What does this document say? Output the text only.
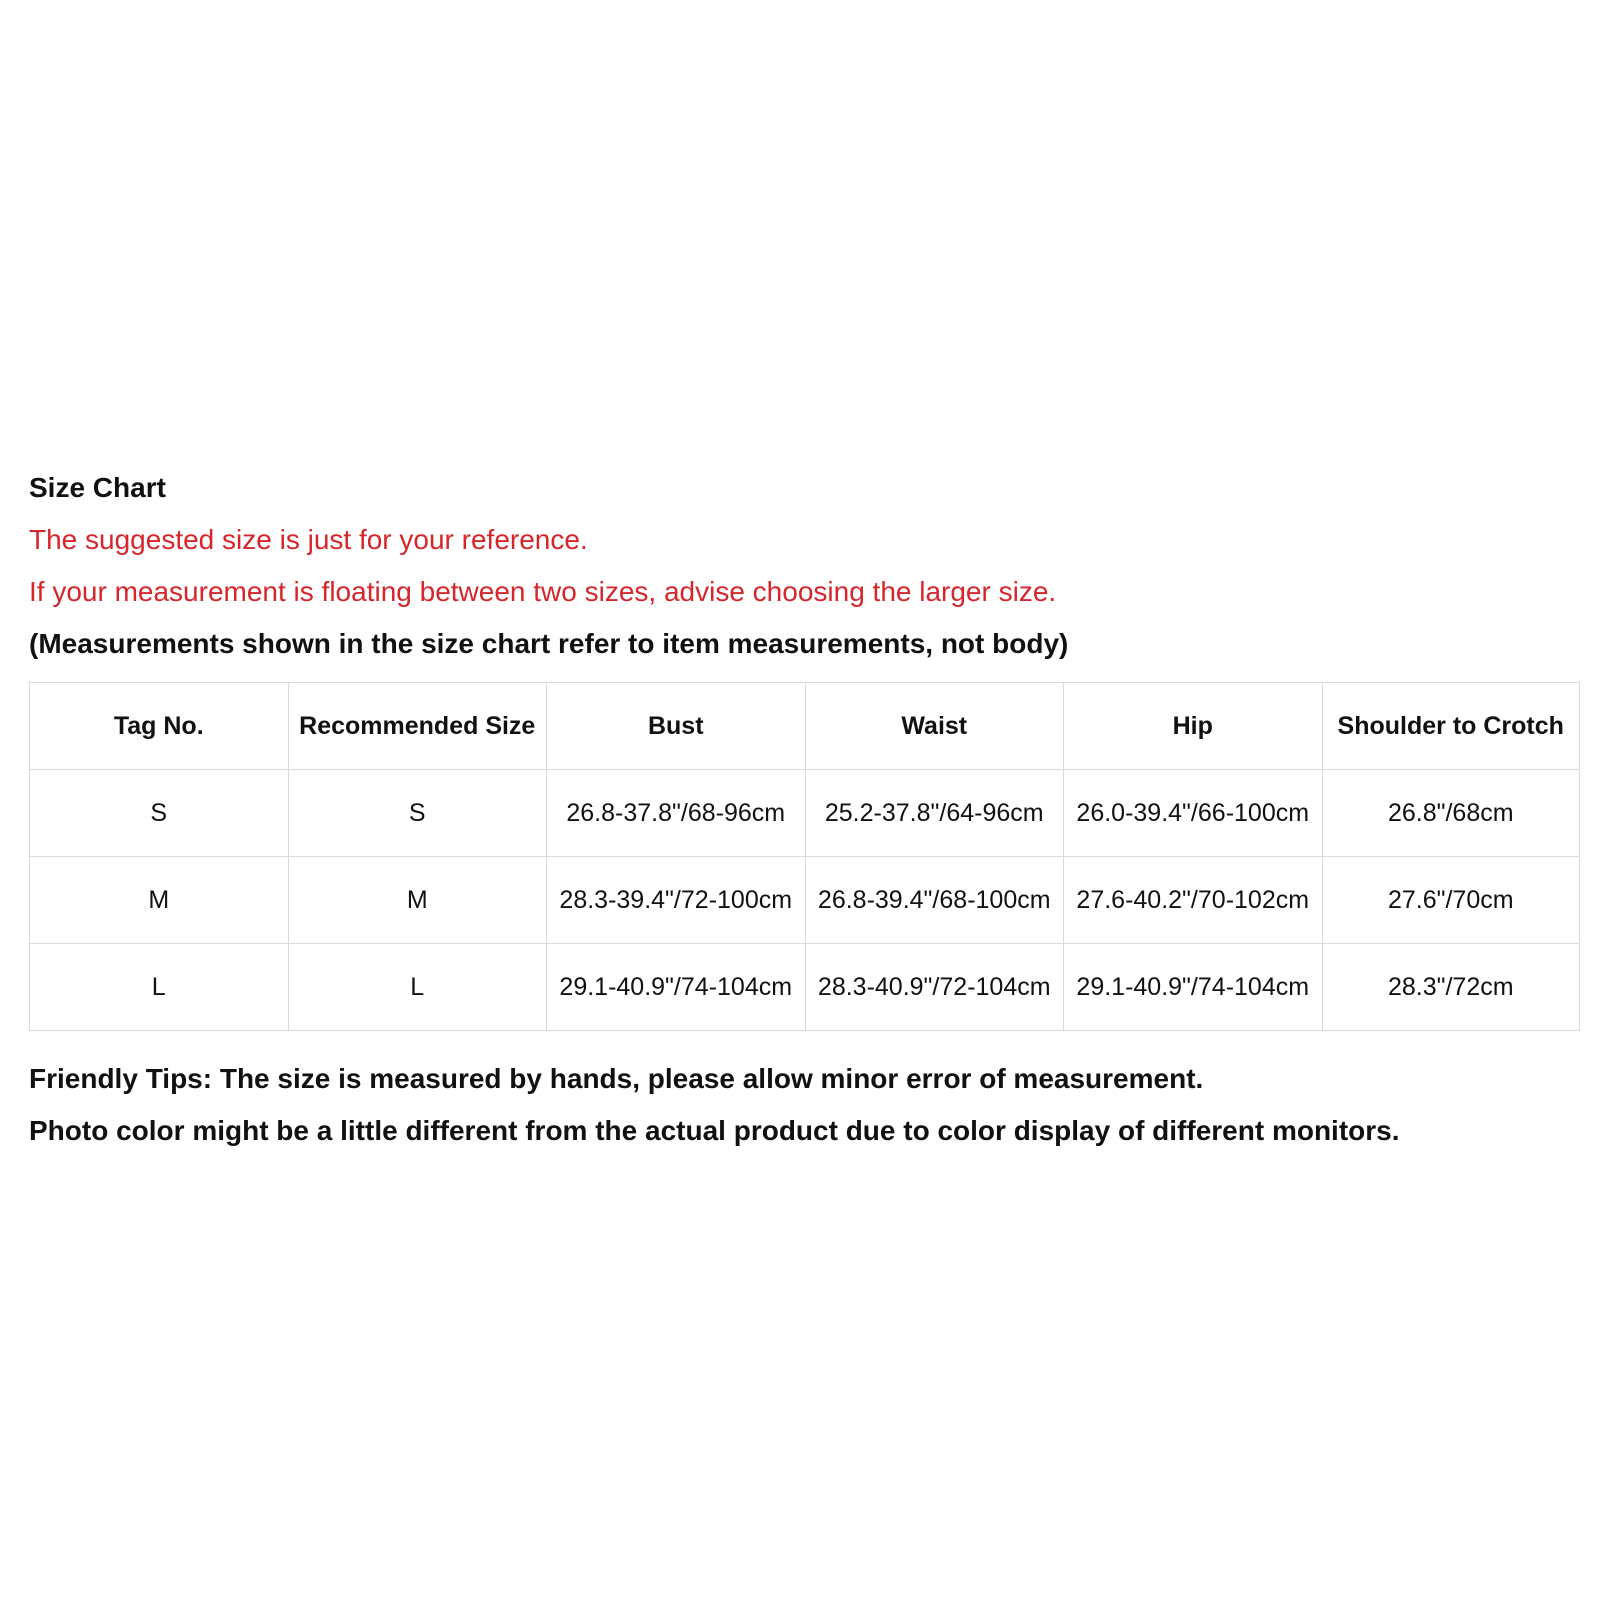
Size Chart
The suggested size is just for your reference.
If your measurement is floating between two sizes, advise choosing the larger size.
(Measurements shown in the size chart refer to item measurements, not body)
Tag No.	Recommended Size	Bust	Waist	Hip	Shoulder to Crotch
S	S	26.8-37.8"/68-96cm	25.2-37.8"/64-96cm	26.0-39.4"/66-100cm	26.8"/68cm
M	M	28.3-39.4"/72-100cm	26.8-39.4"/68-100cm	27.6-40.2"/70-102cm	27.6"/70cm
L	L	29.1-40.9"/74-104cm	28.3-40.9"/72-104cm	29.1-40.9"/74-104cm	28.3"/72cm
Friendly Tips: The size is measured by hands, please allow minor error of measurement.
Photo color might be a little different from the actual product due to color display of different monitors.
